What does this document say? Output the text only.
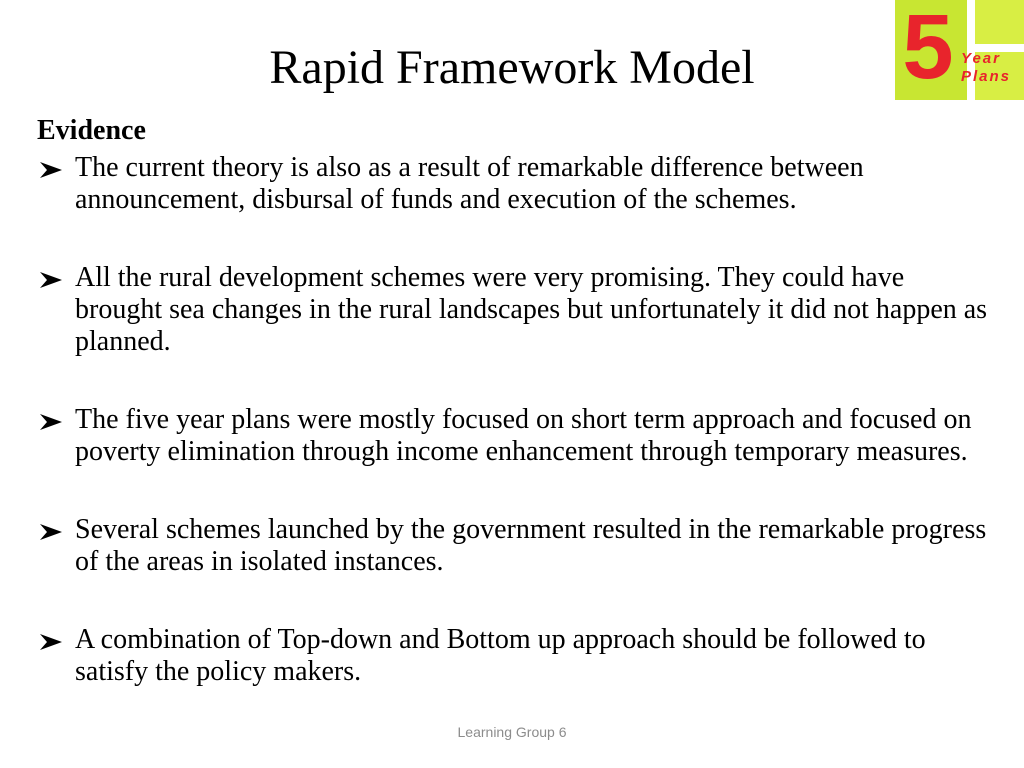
Rapid Framework Model	5 Year
Plans
Evidence
The current theory is also as a result of remarkable difference between announcement, disbursal of funds and execution of the schemes.
All the rural development schemes were very promising. They could have brought sea changes in the rural landscapes but unfortunately it did not happen as planned.
The five year plans were mostly focused on short term approach and focused on poverty elimination through income enhancement through temporary measures.
Several schemes launched by the government resulted in the remarkable progress of the areas in isolated instances.
A combination of Top-down and Bottom up approach should be followed to satisfy the policy makers.
Learning Group 6
